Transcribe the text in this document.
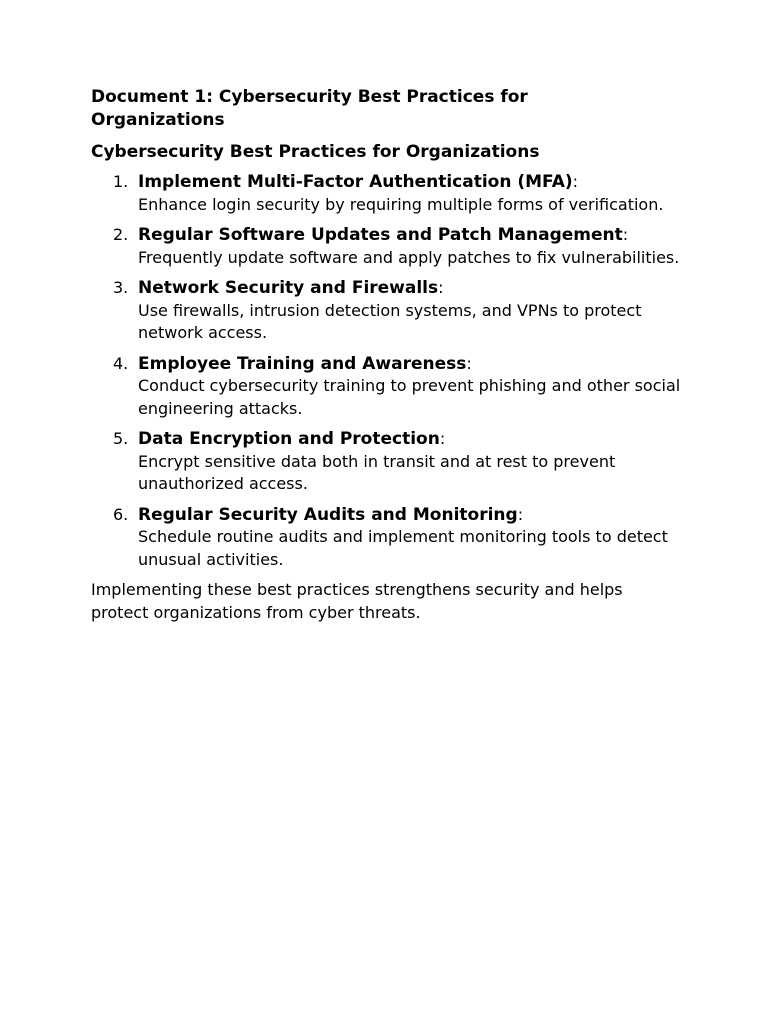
Document 1: Cybersecurity Best Practices for Organizations

Cybersecurity Best Practices for Organizations

1. Implement Multi-Factor Authentication (MFA):
Enhance login security by requiring multiple forms of verification.
2. Regular Software Updates and Patch Management:
Frequently update software and apply patches to fix vulnerabilities.
3. Network Security and Firewalls:
Use firewalls, intrusion detection systems, and VPNs to protect network access.
4. Employee Training and Awareness:
Conduct cybersecurity training to prevent phishing and other social engineering attacks.
5. Data Encryption and Protection:
Encrypt sensitive data both in transit and at rest to prevent unauthorized access.
6. Regular Security Audits and Monitoring:
Schedule routine audits and implement monitoring tools to detect unusual activities.

Implementing these best practices strengthens security and helps protect organizations from cyber threats.
